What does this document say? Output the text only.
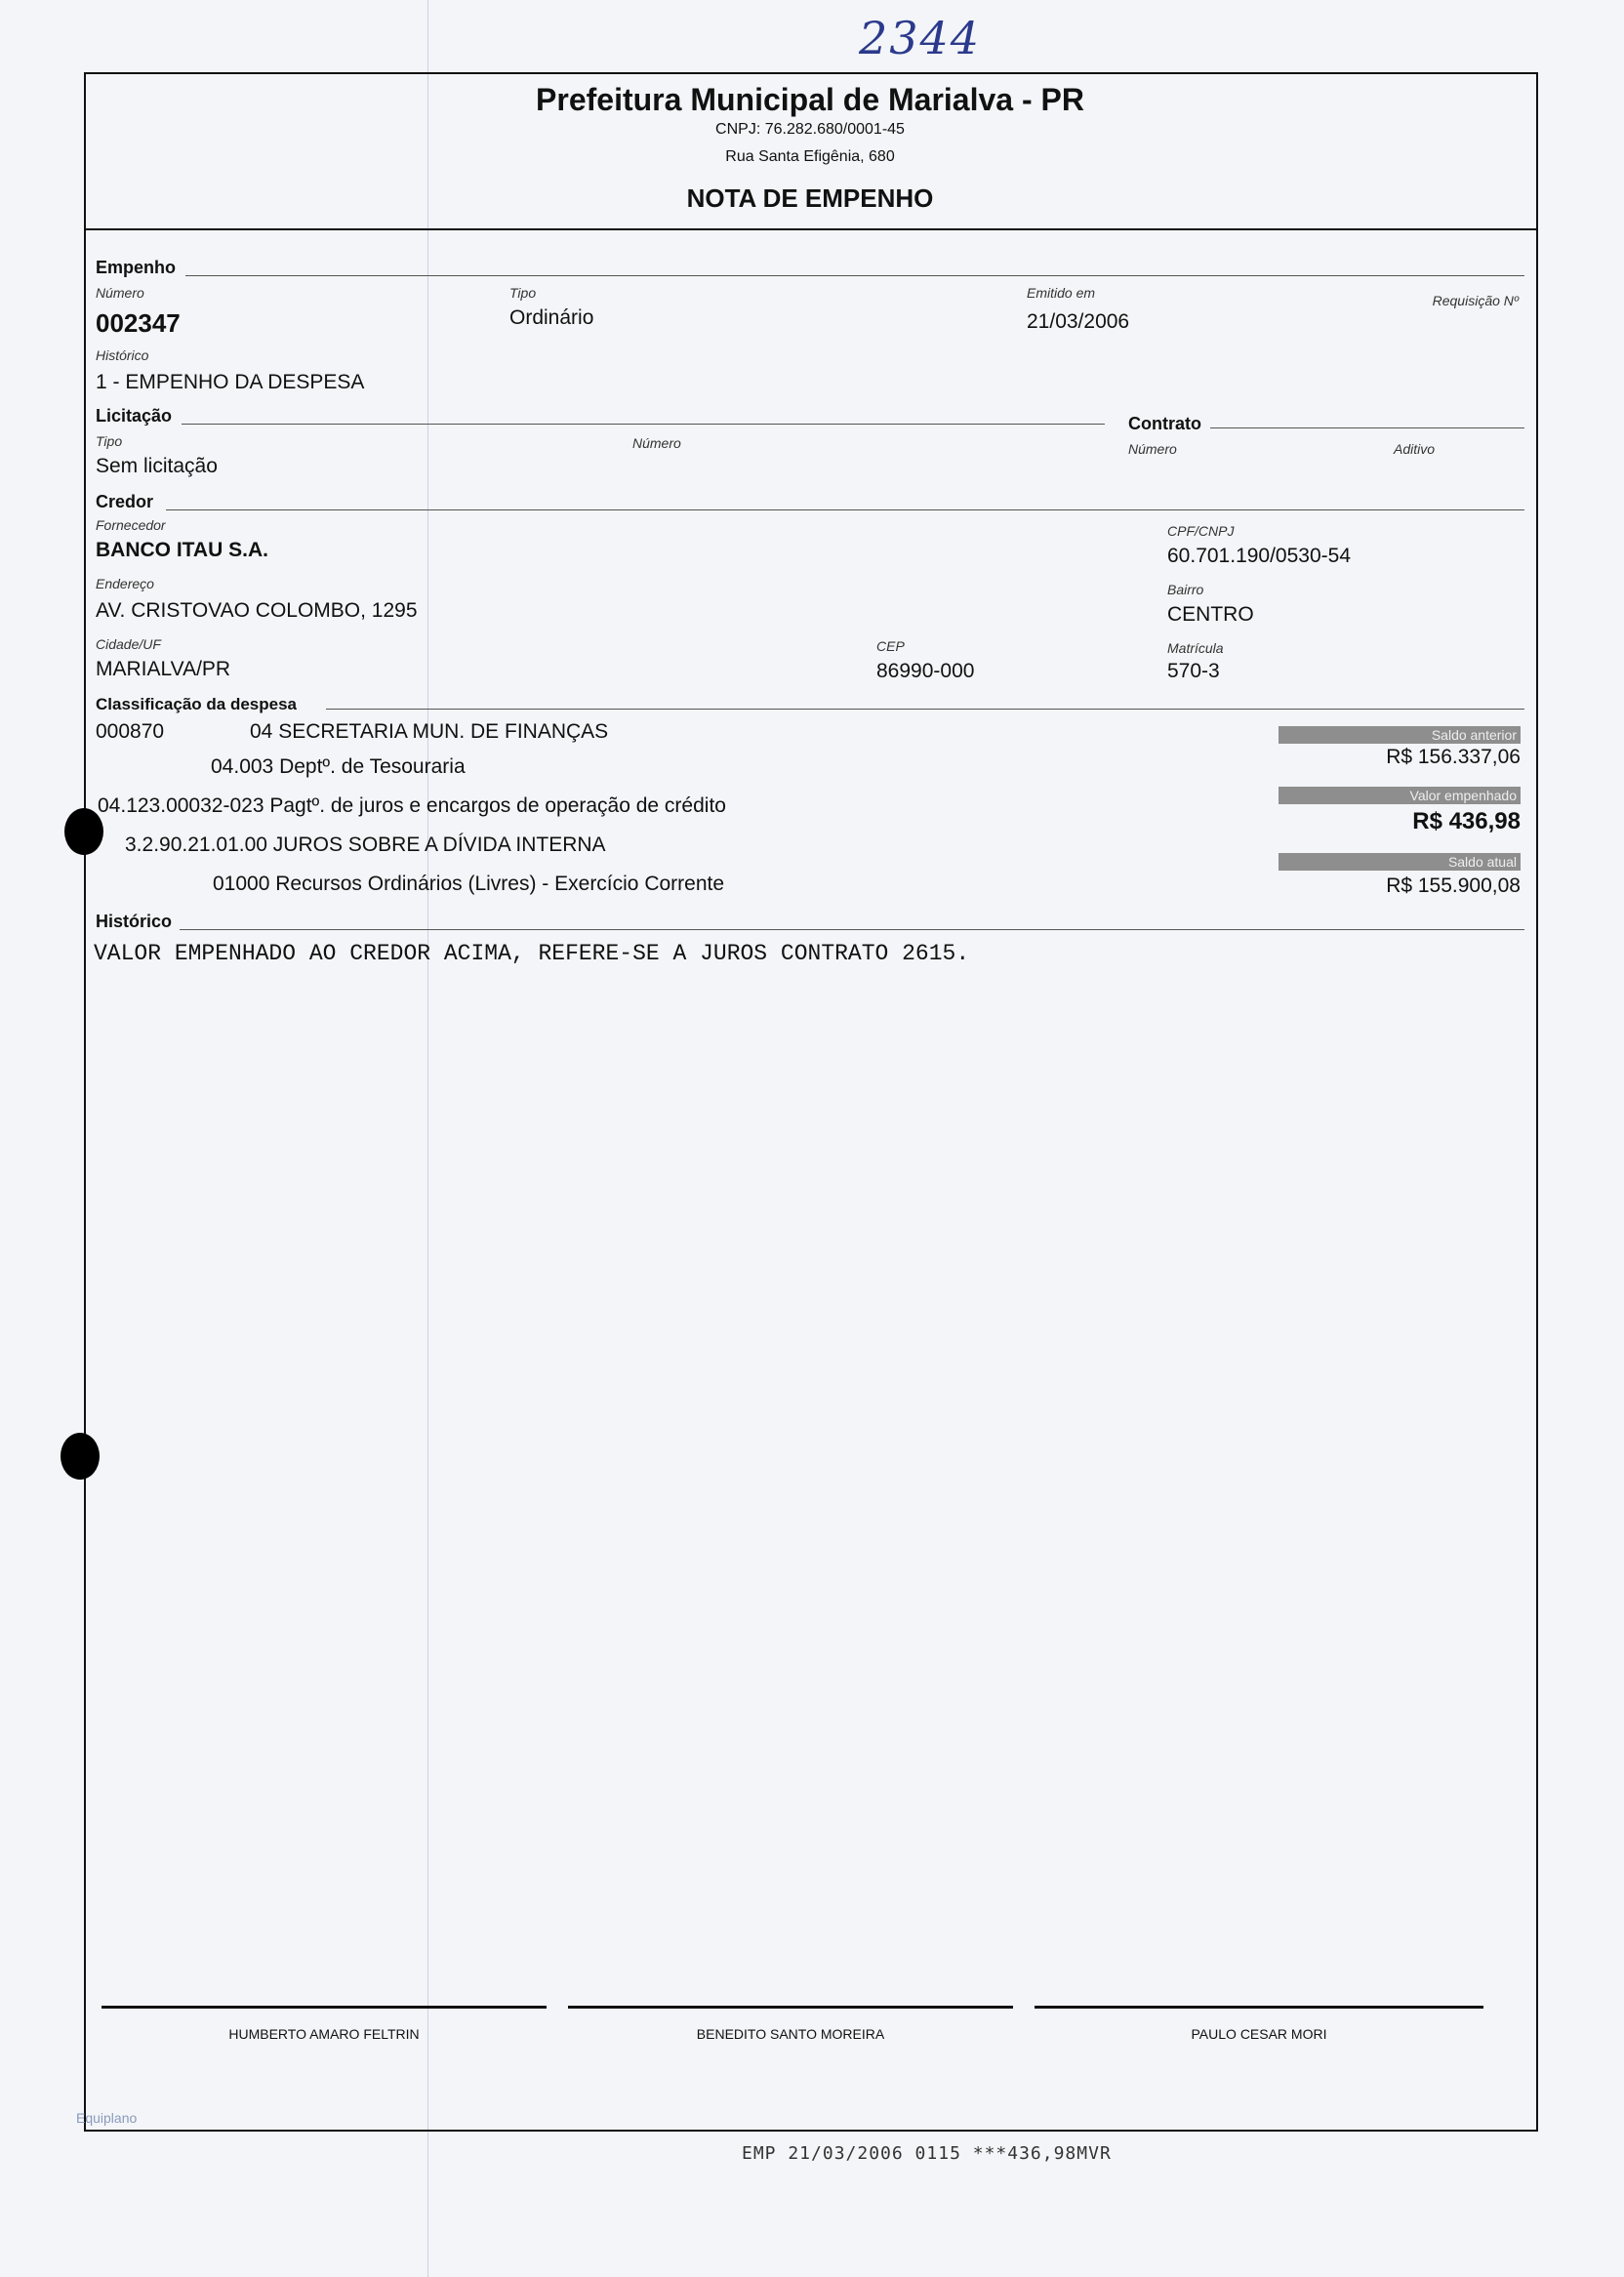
2344
Prefeitura Municipal de Marialva - PR
CNPJ: 76.282.680/0001-45
Rua Santa Efigênia, 680
NOTA DE EMPENHO
Empenho
Número
002347
Tipo
Ordinário
Emitido em
21/03/2006
Requisição Nº
Histórico
1 - EMPENHO DA DESPESA
Licitação	Contrato
Tipo
Sem licitação
Número	Número	Aditivo
Credor
Fornecedor
BANCO ITAU S.A.
CPF/CNPJ
60.701.190/0530-54
Endereço
AV. CRISTOVAO COLOMBO, 1295
Bairro
CENTRO
Cidade/UF
MARIALVA/PR
CEP
86990-000
Matrícula
570-3
Classificação da despesa
000870	04 SECRETARIA MUN. DE FINANÇAS
04.003 Deptº. de Tesouraria
04.123.00032-023 Pagtº. de juros e encargos de operação de crédito
3.2.90.21.01.00 JUROS SOBRE A DÍVIDA INTERNA
01000 Recursos Ordinários (Livres) - Exercício Corrente
Saldo anterior
R$ 156.337,06
Valor empenhado
R$ 436,98
Saldo atual
R$ 155.900,08
Histórico
VALOR EMPENHADO AO CREDOR ACIMA, REFERE-SE A JUROS CONTRATO 2615.
HUMBERTO AMARO FELTRIN	BENEDITO SANTO MOREIRA	PAULO CESAR MORI
Equiplano
EMP 21/03/2006 0115 ***436,98MVR
